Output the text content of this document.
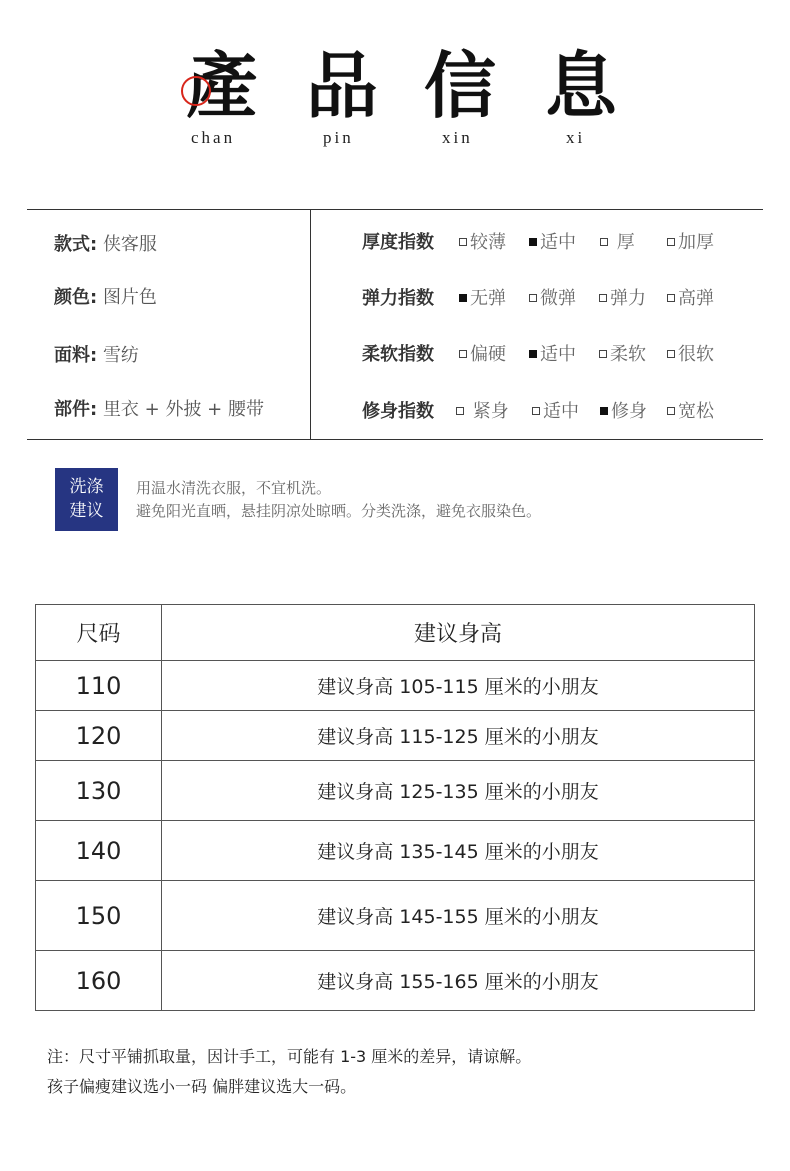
產 品 信 息
chan	pin	xin	xi
款式: 侠客服
颜色: 图片色
面料: 雪纺
部件: 里衣 + 外披 + 腰带
厚度指数	较薄	适中	厚	加厚
弹力指数	无弹	微弹	弹力	高弹
柔软指数	偏硬	适中	柔软	很软
修身指数	紧身	适中	修身	宽松
洗涤
建议
用温水清洗衣服，不宜机洗。
避免阳光直晒，悬挂阴凉处晾晒。分类洗涤，避免衣服染色。
尺码	建议身高
110	建议身高 105-115 厘米的小朋友
120	建议身高 115-125 厘米的小朋友
130	建议身高 125-135 厘米的小朋友
140	建议身高 135-145 厘米的小朋友
150	建议身高 145-155 厘米的小朋友
160	建议身高 155-165 厘米的小朋友
注：尺寸平铺抓取量，因计手工，可能有 1-3 厘米的差异，请谅解。
孩子偏瘦建议选小一码 偏胖建议选大一码。
